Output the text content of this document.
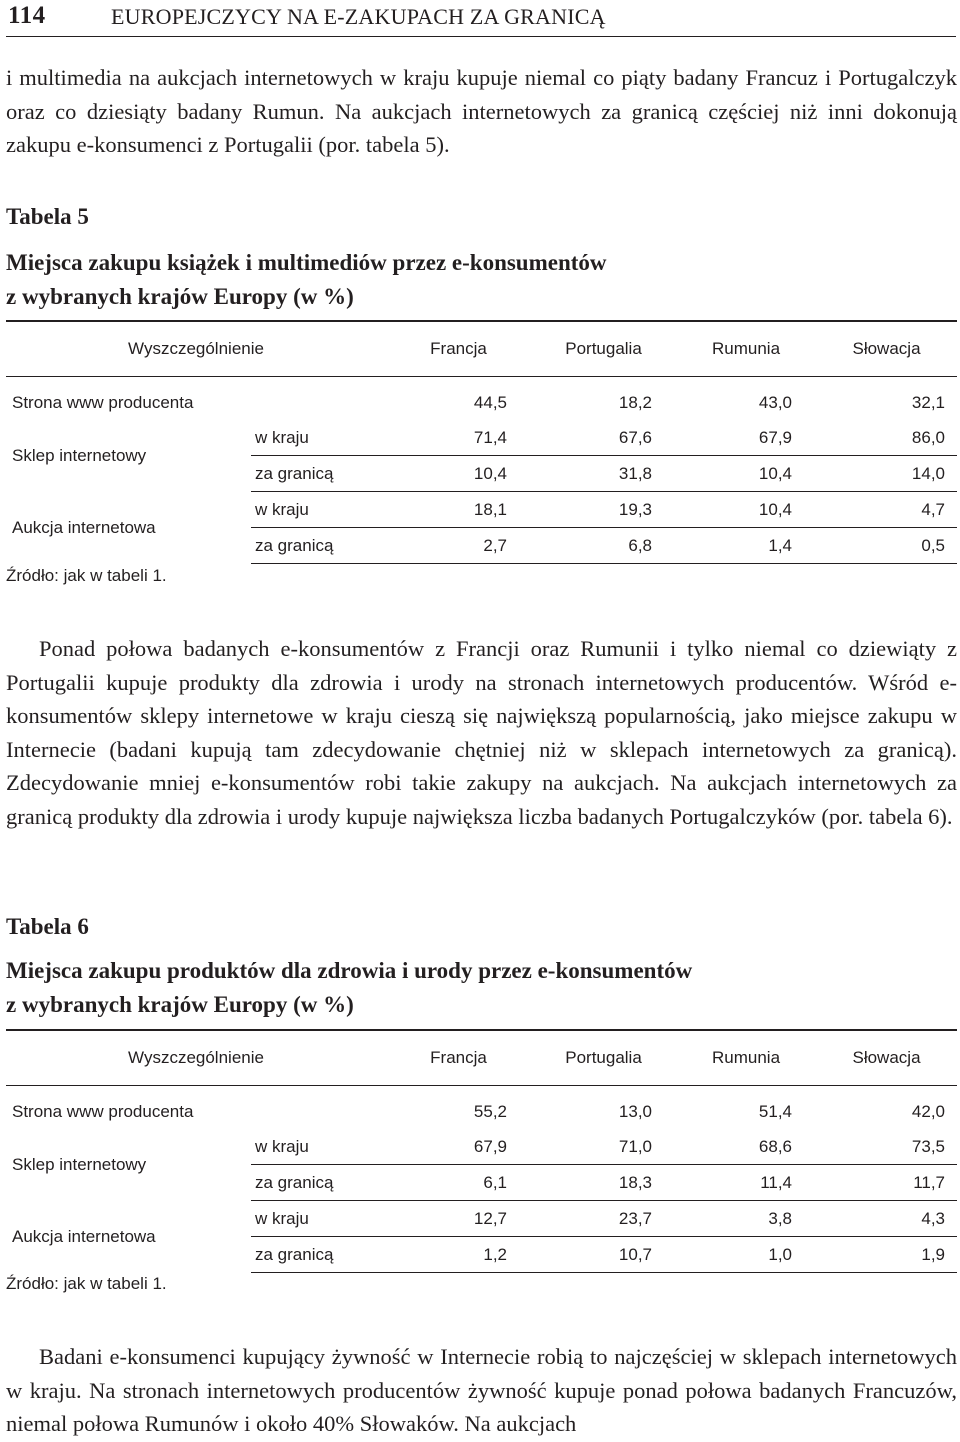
114	EUROPEJCZYCY NA E-ZAKUPACH ZA GRANICĄ

i multimedia na aukcjach internetowych w kraju kupuje niemal co piąty badany Francuz i Portugalczyk oraz co dziesiąty badany Rumun. Na aukcjach internetowych za granicą częściej niż inni dokonują zakupu e-konsumenci z Portugalii (por. tabela 5).

Tabela 5

Miejsca zakupu książek i multimediów przez e-konsumentów
z wybranych krajów Europy (w %)

Wyszczególnienie		Francja	Portugalia	Rumunia	Słowacja
Strona www producenta		44,5	18,2	43,0	32,1
Sklep internetowy	w kraju	71,4	67,6	67,9	86,0
	za granicą	10,4	31,8	10,4	14,0
Aukcja internetowa	w kraju	18,1	19,3	10,4	4,7
	za granicą	2,7	6,8	1,4	0,5
Źródło: jak w tabeli 1.

Ponad połowa badanych e-konsumentów z Francji oraz Rumunii i tylko niemal co dziewiąty z Portugalii kupuje produkty dla zdrowia i urody na stronach internetowych producentów. Wśród e-konsumentów sklepy internetowe w kraju cieszą się największą popularnością, jako miejsce zakupu w Internecie (badani kupują tam zdecydowanie chętniej niż w sklepach internetowych za granicą). Zdecydowanie mniej e-konsumentów robi takie zakupy na aukcjach. Na aukcjach internetowych za granicą produkty dla zdrowia i urody kupuje największa liczba badanych Portugalczyków (por. tabela 6).

Tabela 6

Miejsca zakupu produktów dla zdrowia i urody przez e-konsumentów
z wybranych krajów Europy (w %)

Wyszczególnienie		Francja	Portugalia	Rumunia	Słowacja
Strona www producenta		55,2	13,0	51,4	42,0
Sklep internetowy	w kraju	67,9	71,0	68,6	73,5
	za granicą	6,1	18,3	11,4	11,7
Aukcja internetowa	w kraju	12,7	23,7	3,8	4,3
	za granicą	1,2	10,7	1,0	1,9
Źródło: jak w tabeli 1.

Badani e-konsumenci kupujący żywność w Internecie robią to najczęściej w sklepach internetowych w kraju. Na stronach internetowych producentów żywność kupuje ponad połowa badanych Francuzów, niemal połowa Rumunów i około 40% Słowaków. Na aukcjach
